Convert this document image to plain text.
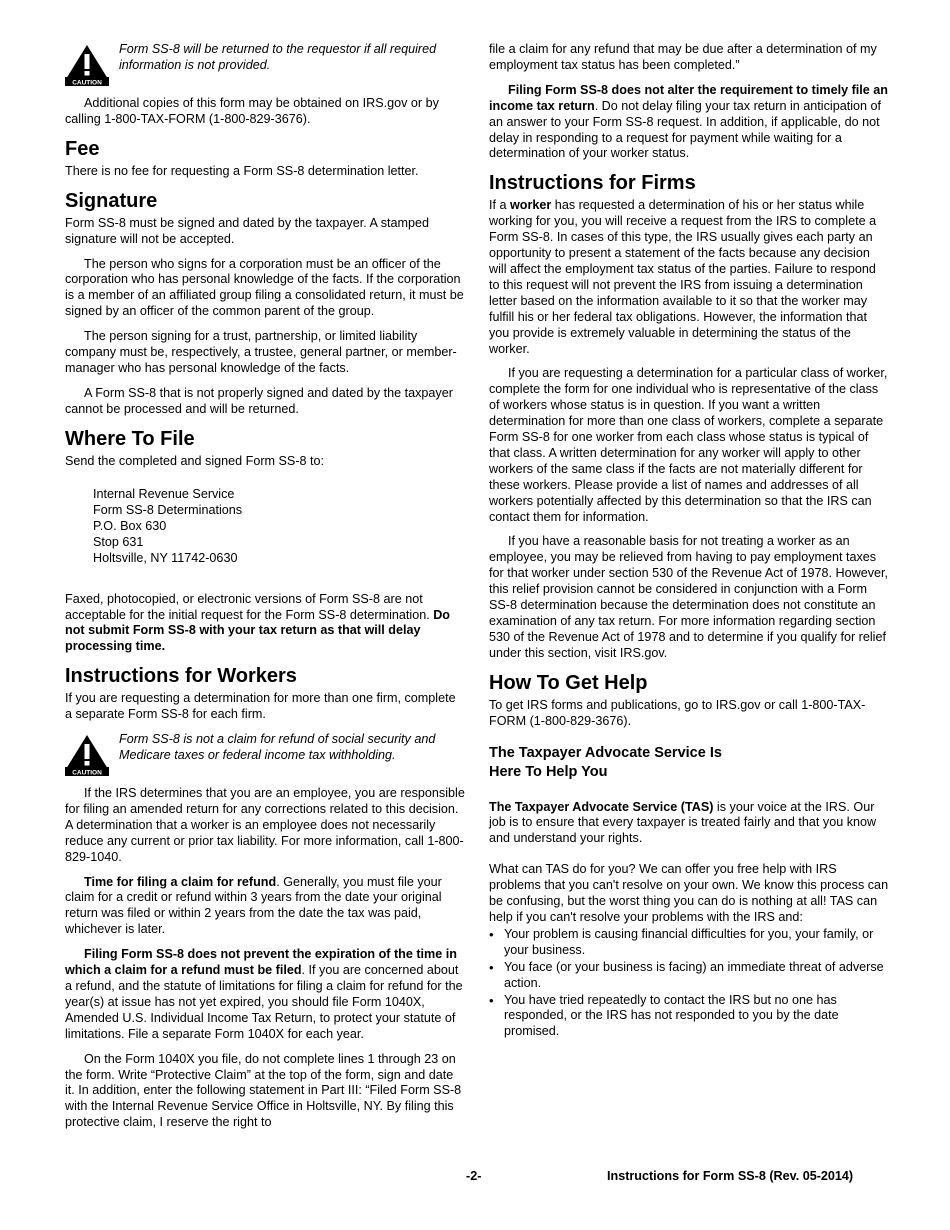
CAUTION
Form SS-8 will be returned to the requestor if all required information is not provided.

Additional copies of this form may be obtained on IRS.gov or by calling 1-800-TAX-FORM (1-800-829-3676).

Fee

There is no fee for requesting a Form SS-8 determination letter.

Signature

Form SS-8 must be signed and dated by the taxpayer. A stamped signature will not be accepted.

The person who signs for a corporation must be an officer of the corporation who has personal knowledge of the facts. If the corporation is a member of an affiliated group filing a consolidated return, it must be signed by an officer of the common parent of the group.

The person signing for a trust, partnership, or limited liability company must be, respectively, a trustee, general partner, or member-manager who has personal knowledge of the facts.

A Form SS-8 that is not properly signed and dated by the taxpayer cannot be processed and will be returned.

Where To File

Send the completed and signed Form SS-8 to:

Internal Revenue Service
Form SS-8 Determinations
P.O. Box 630
Stop 631
Holtsville, NY 11742-0630

Faxed, photocopied, or electronic versions of Form SS-8 are not acceptable for the initial request for the Form SS-8 determination. Do not submit Form SS-8 with your tax return as that will delay processing time.

Instructions for Workers

If you are requesting a determination for more than one firm, complete a separate Form SS-8 for each firm.

CAUTION
Form SS-8 is not a claim for refund of social security and Medicare taxes or federal income tax withholding.

If the IRS determines that you are an employee, you are responsible for filing an amended return for any corrections related to this decision. A determination that a worker is an employee does not necessarily reduce any current or prior tax liability. For more information, call 1-800-829-1040.

Time for filing a claim for refund. Generally, you must file your claim for a credit or refund within 3 years from the date your original return was filed or within 2 years from the date the tax was paid, whichever is later.

Filing Form SS-8 does not prevent the expiration of the time in which a claim for a refund must be filed. If you are concerned about a refund, and the statute of limitations for filing a claim for refund for the year(s) at issue has not yet expired, you should file Form 1040X, Amended U.S. Individual Income Tax Return, to protect your statute of limitations. File a separate Form 1040X for each year.

On the Form 1040X you file, do not complete lines 1 through 23 on the form. Write “Protective Claim” at the top of the form, sign and date it. In addition, enter the following statement in Part III: “Filed Form SS-8 with the Internal Revenue Service Office in Holtsville, NY. By filing this protective claim, I reserve the right to

file a claim for any refund that may be due after a determination of my employment tax status has been completed.”

Filing Form SS-8 does not alter the requirement to timely file an income tax return. Do not delay filing your tax return in anticipation of an answer to your Form SS-8 request. In addition, if applicable, do not delay in responding to a request for payment while waiting for a determination of your worker status.

Instructions for Firms

If a worker has requested a determination of his or her status while working for you, you will receive a request from the IRS to complete a Form SS-8. In cases of this type, the IRS usually gives each party an opportunity to present a statement of the facts because any decision will affect the employment tax status of the parties. Failure to respond to this request will not prevent the IRS from issuing a determination letter based on the information available to it so that the worker may fulfill his or her federal tax obligations. However, the information that you provide is extremely valuable in determining the status of the worker.

If you are requesting a determination for a particular class of worker, complete the form for one individual who is representative of the class of workers whose status is in question. If you want a written determination for more than one class of workers, complete a separate Form SS-8 for one worker from each class whose status is typical of that class. A written determination for any worker will apply to other workers of the same class if the facts are not materially different for these workers. Please provide a list of names and addresses of all workers potentially affected by this determination so that the IRS can contact them for information.

If you have a reasonable basis for not treating a worker as an employee, you may be relieved from having to pay employment taxes for that worker under section 530 of the Revenue Act of 1978. However, this relief provision cannot be considered in conjunction with a Form SS-8 determination because the determination does not constitute an examination of any tax return. For more information regarding section 530 of the Revenue Act of 1978 and to determine if you qualify for relief under this section, visit IRS.gov.

How To Get Help

To get IRS forms and publications, go to IRS.gov or call 1-800-TAX-FORM (1-800-829-3676).

The Taxpayer Advocate Service Is
Here To Help You

The Taxpayer Advocate Service (TAS) is your voice at the IRS. Our job is to ensure that every taxpayer is treated fairly and that you know and understand your rights.

What can TAS do for you? We can offer you free help with IRS problems that you can't resolve on your own. We know this process can be confusing, but the worst thing you can do is nothing at all! TAS can help if you can't resolve your problems with the IRS and:

• Your problem is causing financial difficulties for you, your family, or your business.
• You face (or your business is facing) an immediate threat of adverse action.
• You have tried repeatedly to contact the IRS but no one has responded, or the IRS has not responded to you by the date promised.
-2-	Instructions for Form SS-8 (Rev. 05-2014)
